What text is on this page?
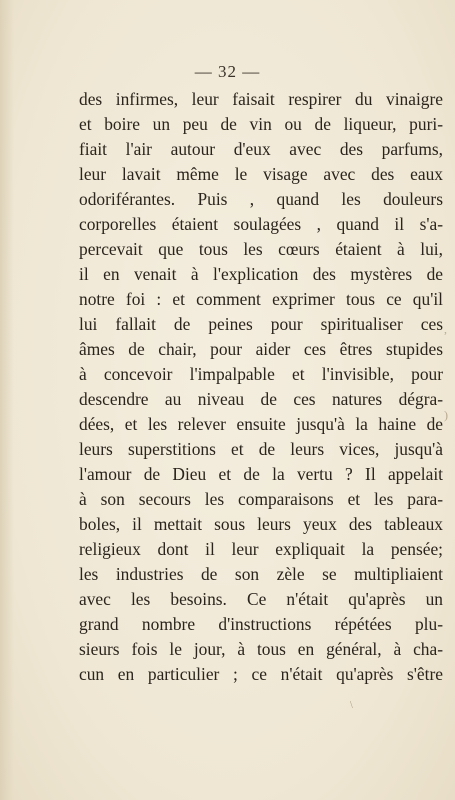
— 32 —
des infirmes, leur faisait respirer du vinaigre
et boire un peu de vin ou de liqueur, puri-
fiait l'air autour d'eux avec des parfums,
leur lavait même le visage avec des eaux
odoriférantes. Puis , quand les douleurs
corporelles étaient soulagées , quand il s'a-
percevait que tous les cœurs étaient à lui,
il en venait à l'explication des mystères de
notre foi : et comment exprimer tous ce qu'il
lui fallait de peines pour spiritualiser ces
âmes de chair, pour aider ces êtres stupides
à concevoir l'impalpable et l'invisible, pour
descendre au niveau de ces natures dégra-
dées, et les relever ensuite jusqu'à la haine de
leurs superstitions et de leurs vices, jusqu'à
l'amour de Dieu et de la vertu ? Il appelait
à son secours les comparaisons et les para-
boles, il mettait sous leurs yeux des tableaux
religieux dont il leur expliquait la pensée;
les industries de son zèle se multipliaient
avec les besoins. Ce n'était qu'après un
grand nombre d'instructions répétées plu-
sieurs fois le jour, à tous en général, à cha-
cun en particulier ; ce n'était qu'après s'être
,
)
\
